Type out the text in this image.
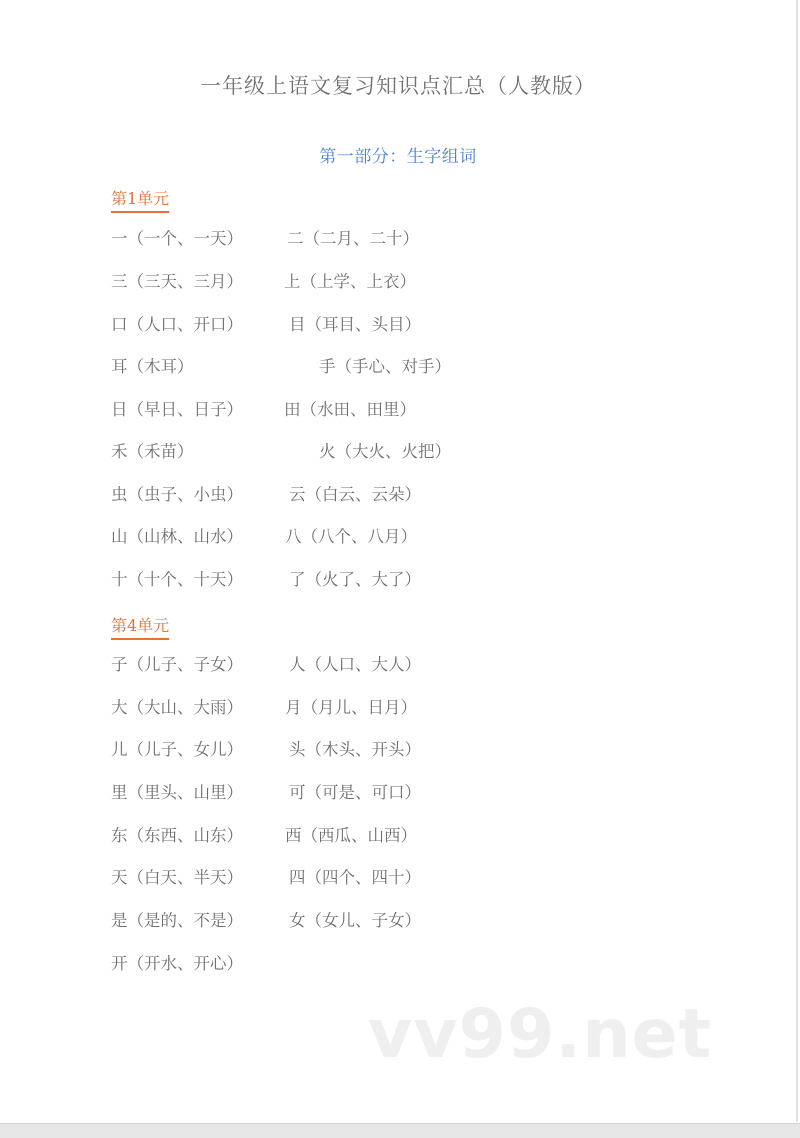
一年级上语文复习知识点汇总（人教版）
第一部分：生字组词
第1单元
一（一个、一天）	二（二月、二十）
三（三天、三月） 上（上学、上衣）
口（人口、开口）	目（耳目、头目）
耳（木耳）	手（手心、对手）
日（早日、日子） 田（水田、田里）
禾（禾苗）	火（大火、火把）
虫（虫子、小虫）	云（白云、云朵）
山（山林、山水）	八（八个、八月）
十（十个、十天）	了（火了、大了）
第4单元
子（儿子、子女）	人（人口、大人）
大（大山、大雨）	月（月儿、日月）
儿（儿子、女儿）	头（木头、开头）
里（里头、山里）	可（可是、可口）
东（东西、山东）	西（西瓜、山西）
天（白天、半天）	四（四个、四十）
是（是的、不是）	女（女儿、子女）
开（开水、开心）
vv99.net
